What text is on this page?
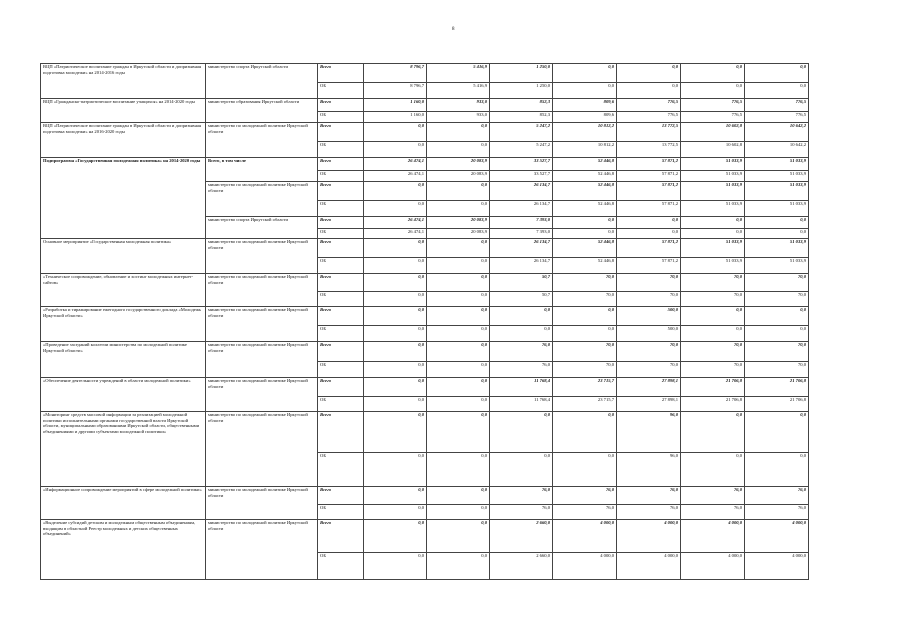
8
ВЦП «Патриотическое воспитание граждан в Иркутской области и допризывная подготовка молодежи» на 2014-2016 годы	министерство спорта Иркутской области	Всего	8 796,7	5 416,9	1 250,0	0,0	0,0	0,0	0,0
		ОБ	8 796,7	5 416,9	1 250,0	0,0	0,0	0,0	0,0
ВЦП «Гражданско-патриотическое воспитание учащихся» на 2014-2020 годы	министерство образования Иркутской области	Всего	1 160,0	933,0	852,3	809,6	776,5	776,5	776,5
		ОБ	1 160,0	933,0	852,3	809,6	776,5	776,5	776,5
ВЦП «Патриотическое воспитание граждан в Иркутской области и допризывная подготовка молодежи» на 2016-2020 годы	министерство по молодежной политике Иркутской области	Всего	0,0	0,0	5 247,2	10 812,2	13 772,5	10 602,8	10 642,2
		ОБ	0,0	0,0	5 247,2	10 812,2	13 772,5	10 602,8	10 642,2
Подпрограмма «Государственная молодежная политика» на 2014-2020 годы	Всего, в том числе	Всего	26 474,1	20 083,9	33 527,7	52 446,8	57 871,2	51 033,9	51 033,9
		ОБ	26 474,1	20 083,9	33 527,7	52 446,8	57 871,2	51 033,9	51 033,9
	министерство по молодежной политике Иркутской области	Всего	0,0	0,0	26 134,7	52 446,8	57 871,2	51 033,9	51 033,9
		ОБ	0,0	0,0	26 134,7	52 446,8	57 871,2	51 033,9	51 033,9
	министерство спорта Иркутской области	Всего	26 474,1	20 083,9	7 393,0	0,0	0,0	0,0	0,0
		ОБ	26 474,1	20 083,9	7 393,0	0,0	0,0	0,0	0,0
Основное мероприятие «Государственная молодежная политика»	министерство по молодежной политике Иркутской области	Всего	0,0	0,0	26 134,7	52 446,8	57 871,2	51 033,9	51 033,9
		ОБ	0,0	0,0	26 134,7	52 446,8	57 871,2	51 033,9	51 033,9
«Техническое сопровождение, обновление и хостинг молодежных интернет-сайтов»	министерство по молодежной политике Иркутской области	Всего	0,0	0,0	50,7	70,0	70,0	70,0	70,0
		ОБ	0,0	0,0	50,7	70,0	70,0	70,0	70,0
«Разработка и тиражирование ежегодного государственного доклада «Молодежь Иркутской области»	министерство по молодежной политике Иркутской области	Всего	0,0	0,0	0,0	0,0	500,0	0,0	0,0
		ОБ	0,0	0,0	0,0	0,0	500,0	0,0	0,0
«Проведение заседаний коллегии министерства по молодежной политике Иркутской области»	министерство по молодежной политике Иркутской области	Всего	0,0	0,0	76,0	70,0	70,0	70,0	70,0
		ОБ	0,0	0,0	76,0	70,0	70,0	70,0	70,0
«Обеспечение деятельности учреждений в области молодежной политики»	министерство по молодежной политике Иркутской области	Всего	0,0	0,0	11 768,4	23 715,7	27 898,1	21 706,8	21 706,8
		ОБ	0,0	0,0	11 768,4	23 715,7	27 898,1	21 706,8	21 706,8
«Мониторинг средств массовой информации за реализацией молодежной политики исполнительными органами государственной власти Иркутской области, муниципальными образованиями Иркутской области, общественными объединениями и другими субъектами молодежной политики»	министерство по молодежной политике Иркутской области	Всего	0,0	0,0	0,0	0,0	96,0	0,0	0,0
		ОБ	0,0	0,0	0,0	0,0	96,0	0,0	0,0
«Информационное сопровождение мероприятий в сфере молодежной политики»	министерство по молодежной политике Иркутской области	Всего	0,0	0,0	76,0	76,0	76,0	76,0	76,0
		ОБ	0,0	0,0	76,0	76,0	76,0	76,0	76,0
«Выделение субсидий детским и молодежным общественным объединениям, входящим в областной Реестр молодежных и детских общественных объединений»	министерство по молодежной политике Иркутской области	Всего	0,0	0,0	2 660,0	4 000,0	4 000,0	4 000,0	4 000,0
		ОБ	0,0	0,0	2 660,0	4 000,0	4 000,0	4 000,0	4 000,0
